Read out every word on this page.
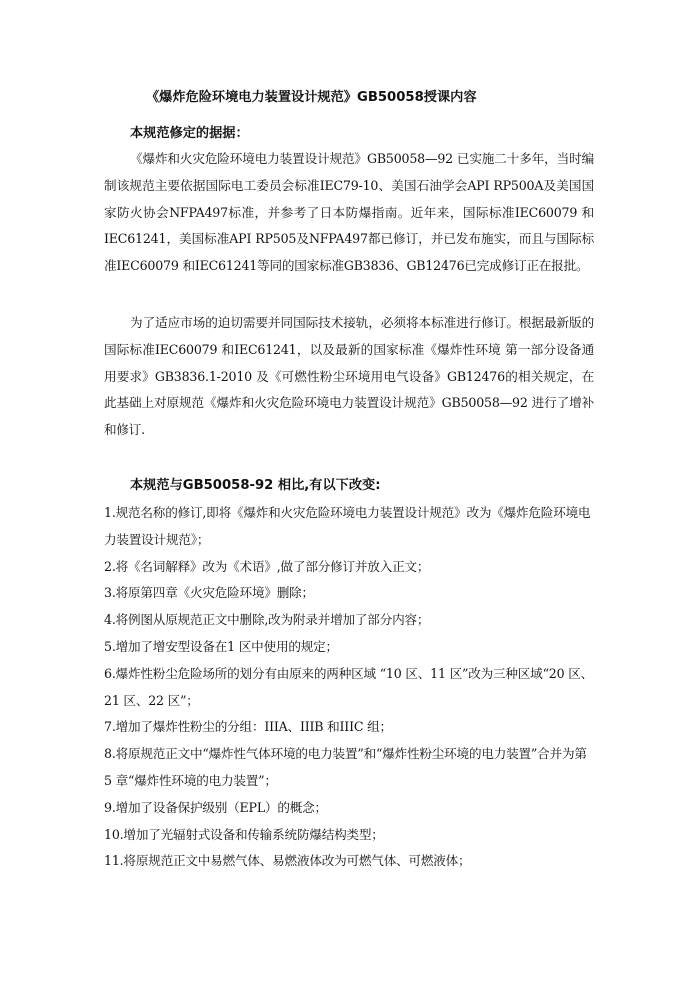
《爆炸危险环境电力装置设计规范》GB50058授课内容
本规范修定的据据：
《爆炸和火灾危险环境电力装置设计规范》GB50058—92 已实施二十多年，当时编制该规范主要依据国际电工委员会标准IEC79-10、美国石油学会API RP500A及美国国家防火协会NFPA497标准，并参考了日本防爆指南。近年来，国际标准IEC60079 和IEC61241，美国标准API RP505及NFPA497都已修订，并已发布施实，而且与国际标准IEC60079 和IEC61241等同的国家标准GB3836、GB12476已完成修订正在报批。
为了适应市场的迫切需要并同国际技术接轨，必须将本标准进行修订。根据最新版的国际标准IEC60079 和IEC61241，以及最新的国家标准《爆炸性环境 第一部分设备通用要求》GB3836.1-2010 及《可燃性粉尘环境用电气设备》GB12476的相关规定，在此基础上对原规范《爆炸和火灾危险环境电力装置设计规范》GB50058—92 进行了增补和修订.
本规范与GB50058-92 相比,有以下改变:
1.规范名称的修订,即将《爆炸和火灾危险环境电力装置设计规范》改为《爆炸危险环境电力装置设计规范》；
2.将《名词解释》改为《术语》,做了部分修订并放入正文；
3.将原第四章《火灾危险环境》删除；
4.将例图从原规范正文中删除,改为附录并增加了部分内容；
5.增加了增安型设备在1 区中使用的规定；
6.爆炸性粉尘危险场所的划分有由原来的两种区域 “10 区、11 区”改为三种区域“20 区、21 区、22 区”；
7.增加了爆炸性粉尘的分组：IIIA、IIIB 和IIIC 组；
8.将原规范正文中“爆炸性气体环境的电力装置”和“爆炸性粉尘环境的电力装置”合并为第5 章“爆炸性环境的电力装置”；
9.增加了设备保护级别（EPL）的概念；
10.增加了光辐射式设备和传输系统防爆结构类型；
11.将原规范正文中易燃气体、易燃液体改为可燃气体、可燃液体；
